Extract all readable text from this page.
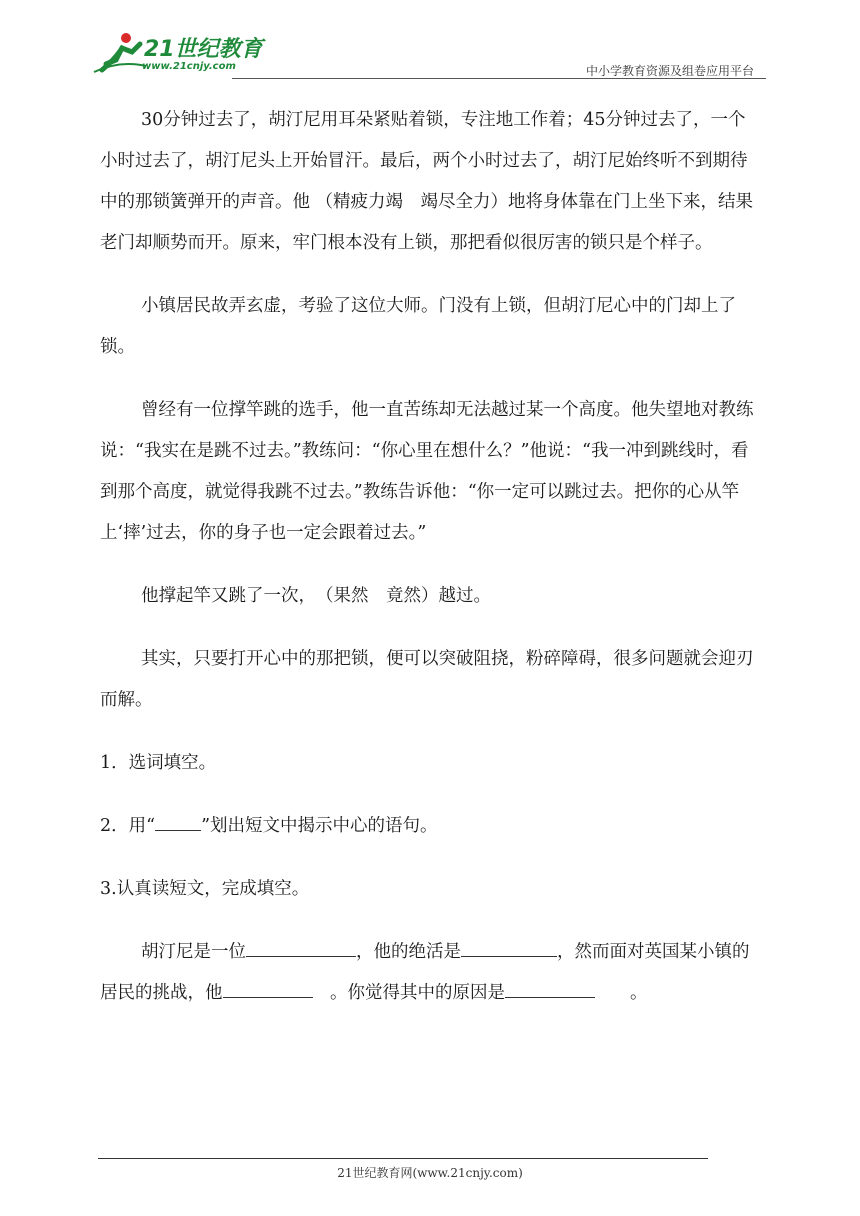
21世纪教育
www.21cnjy.com	中小学教育资源及组卷应用平台

30分钟过去了，胡汀尼用耳朵紧贴着锁，专注地工作着；45分钟过去了，一个小时过去了，胡汀尼头上开始冒汗。最后，两个小时过去了，胡汀尼始终听不到期待中的那锁簧弹开的声音。他 （精疲力竭　竭尽全力）地将身体靠在门上坐下来，结果老门却顺势而开。原来，牢门根本没有上锁，那把看似很厉害的锁只是个样子。

小镇居民故弄玄虚，考验了这位大师。门没有上锁，但胡汀尼心中的门却上了锁。

曾经有一位撑竿跳的选手，他一直苦练却无法越过某一个高度。他失望地对教练说：“我实在是跳不过去。”教练问：“你心里在想什么？”他说：“我一冲到跳线时，看到那个高度，就觉得我跳不过去。”教练告诉他：“你一定可以跳过去。把你的心从竿上‘摔’过去，你的身子也一定会跟着过去。”

他撑起竿又跳了一次，　（果然　竟然）越过。

其实，只要打开心中的那把锁，便可以突破阻挠，粉碎障碍，很多问题就会迎刃而解。

1．选词填空。

2．用“	”划出短文中揭示中心的语句。

3.认真读短文，完成填空。

胡汀尼是一位	，他的绝活是	，然而面对英国某小镇的居民的挑战，他	　。你觉得其中的原因是	　　。

21世纪教育网(www.21cnjy.com)
